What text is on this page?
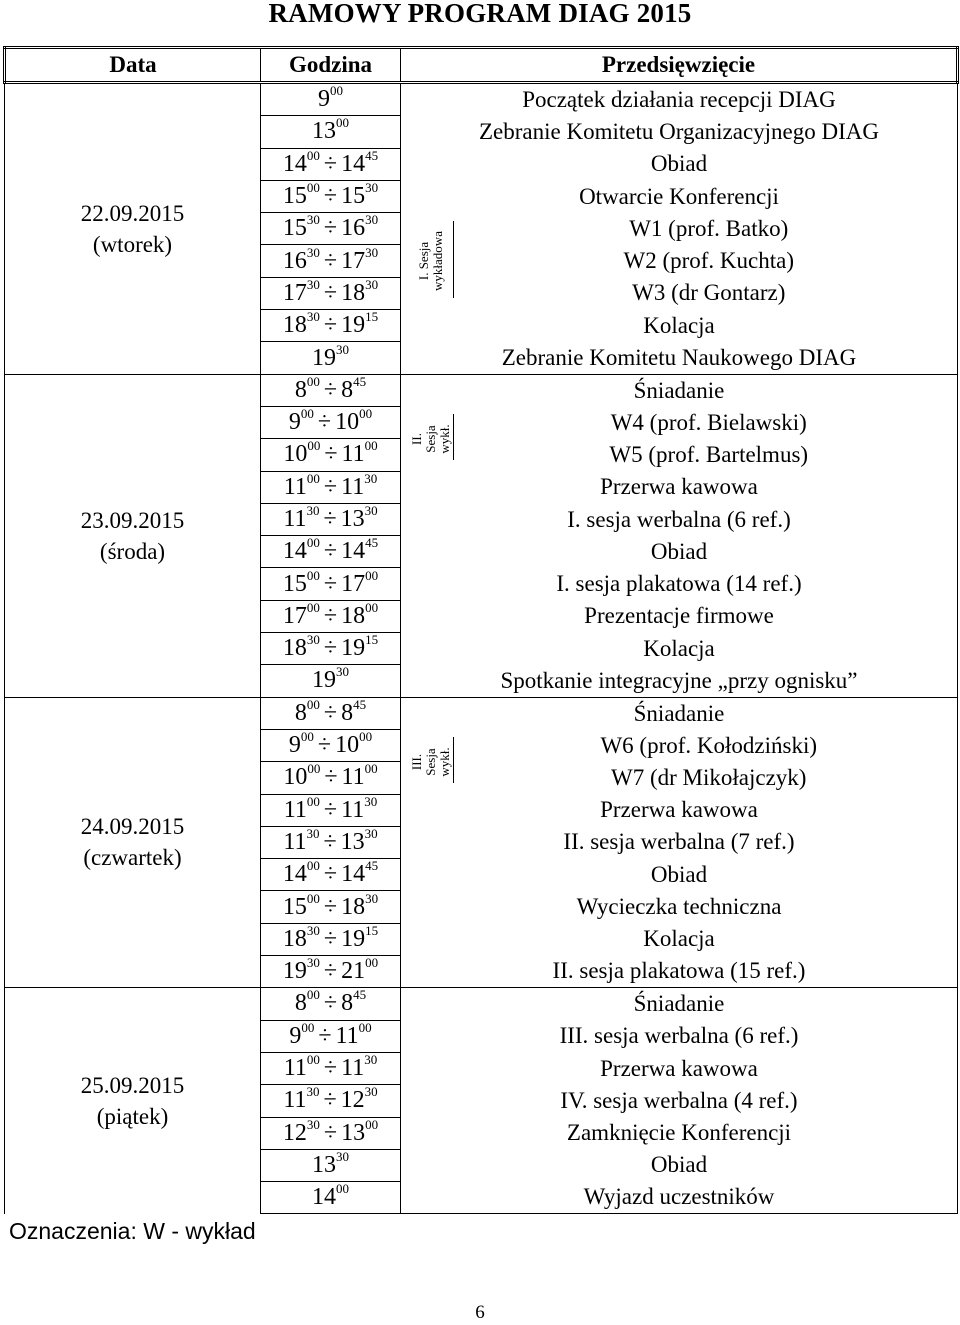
RAMOWY PROGRAM DIAG 2015
Data	Godzina	Przedsięwzięcie	

22.09.2015
(wtorek)	$9^{00}$	Początek działania recepcji DIAG	
	$13^{00}$	Zebranie Komitetu Organizacyjnego DIAG	
	$14^{00} \div 14^{45}$	Obiad	
	$15^{00} \div 15^{30}$	Otwarcie Konferencji	
	$15^{30} \div 16^{30}$	I. Sesja wykładowa	W1 (prof. Batko)
	$16^{30} \div 17^{30}$		W2 (prof. Kuchta)
	$17^{30} \div 18^{30}$		W3 (dr Gontarz)
	$18^{30} \div 19^{15}$	Kolacja	
	$19^{30}$	Zebranie Komitetu Naukowego DIAG	

23.09.2015
(środa)	$8^{00} \div 8^{45}$	Śniadanie	
	$9^{00} \div 10^{00}$	II. Sesja wykł.	W4 (prof. Bielawski)
	$10^{00} \div 11^{00}$		W5 (prof. Bartelmus)
	$11^{00} \div 11^{30}$	Przerwa kawowa	
	$11^{30} \div 13^{30}$	I. sesja werbalna (6 ref.)	
	$14^{00} \div 14^{45}$	Obiad	
	$15^{00} \div 17^{00}$	I. sesja plakatowa (14 ref.)	
	$17^{00} \div 18^{00}$	Prezentacje firmowe	
	$18^{30} \div 19^{15}$	Kolacja	
	$19^{30}$	Spotkanie integracyjne „przy ognisku”	

24.09.2015
(czwartek)	$8^{00} \div 8^{45}$	Śniadanie	
	$9^{00} \div 10^{00}$	III. Sesja wykł.	W6 (prof. Kołodziński)
	$10^{00} \div 11^{00}$		W7 (dr Mikołajczyk)
	$11^{00} \div 11^{30}$	Przerwa kawowa	
	$11^{30} \div 13^{30}$	II. sesja werbalna (7 ref.)	
	$14^{00} \div 14^{45}$	Obiad	
	$15^{00} \div 18^{30}$	Wycieczka techniczna	
	$18^{30} \div 19^{15}$	Kolacja	
	$19^{30} \div 21^{00}$	II. sesja plakatowa (15 ref.)	

25.09.2015
(piątek)	$8^{00} \div 8^{45}$	Śniadanie	
	$9^{00} \div 11^{00}$	III. sesja werbalna (6 ref.)	
	$11^{00} \div 11^{30}$	Przerwa kawowa	
	$11^{30} \div 12^{30}$	IV. sesja werbalna (4 ref.)	
	$12^{30} \div 13^{00}$	Zamknięcie Konferencji	
	$13^{30}$	Obiad	
	$14^{00}$	Wyjazd uczestników	
Oznaczenia: W - wykład
6
